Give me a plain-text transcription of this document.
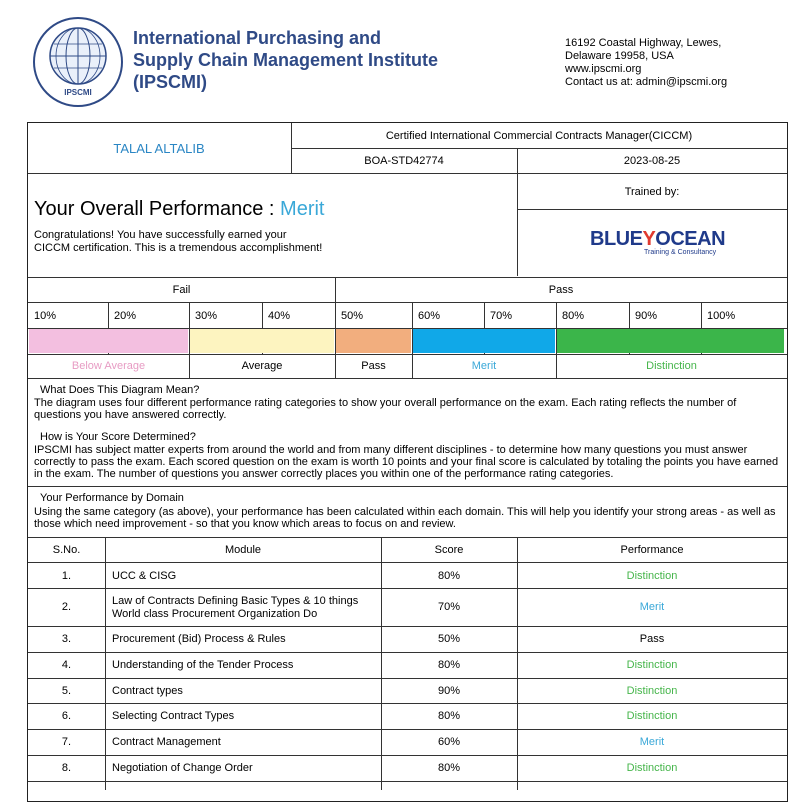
IPSCMI
International Purchasing and
Supply Chain Management Institute
(IPSCMI)
16192 Coastal Highway, Lewes,
Delaware 19958, USA
www.ipscmi.org
Contact us at: admin@ipscmi.org
TALAL ALTALIB
Certified International Commercial Contracts Manager(CICCM)
BOA-STD42774	2023-08-25
Your Overall Performance : Merit
Congratulations! You have successfully earned your
CICCM certification. This is a tremendous accomplishment!
Trained by:
BLUEYOCEAN
Training & Consultancy
Fail	Pass
10%	20%	30%	40%	50%	60%	70%	80%	90%	100%
Below Average	Average	Pass	Merit	Distinction
What Does This Diagram Mean?
The diagram uses four different performance rating categories to show your overall performance on the exam. Each rating reflects the number of questions you have answered correctly.
How is Your Score Determined?
IPSCMI has subject matter experts from around the world and from many different disciplines - to determine how many questions you must answer correctly to pass the exam. Each scored question on the exam is worth 10 points and your final score is calculated by totaling the points you have earned in the exam. The number of questions you answer correctly places you within one of the performance rating categories.
Your Performance by Domain
Using the same category (as above), your performance has been calculated within each domain. This will help you identify your strong areas - as well as those which need improvement - so that you know which areas to focus on and review.
S.No.	Module	Score	Performance
1.	UCC & CISG	80%	Distinction
2.	Law of Contracts Defining Basic Types & 10 things
World class Procurement Organization Do
70%	Merit
3.	Procurement (Bid) Process & Rules	50%	Pass
4.	Understanding of the Tender Process	80%	Distinction
5.	Contract types	90%	Distinction
6.	Selecting Contract Types	80%	Distinction
7.	Contract Management	60%	Merit
8.	Negotiation of Change Order	80%	Distinction
